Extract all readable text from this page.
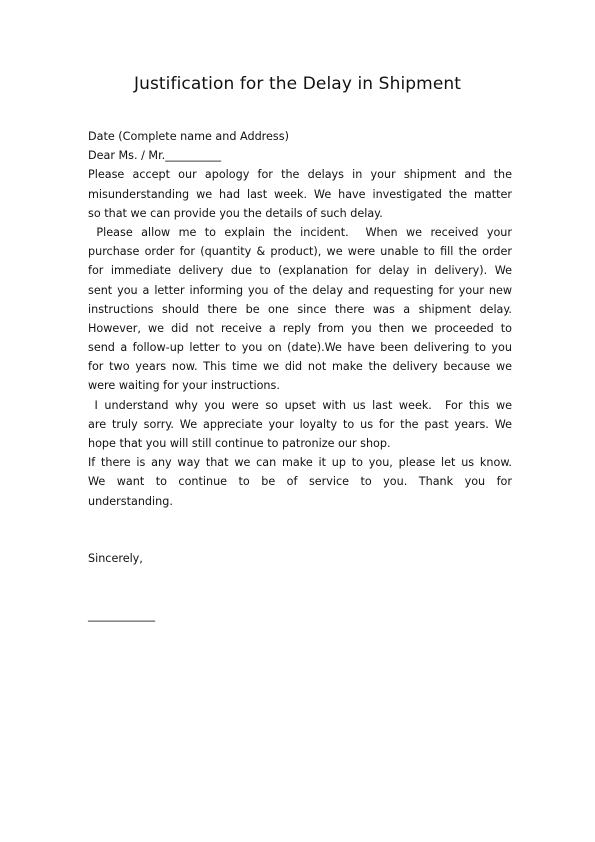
Justification for the Delay in Shipment
Date (Complete name and Address)
Dear Ms. / Mr.__________
Please accept our apology for the delays in your shipment and the
misunderstanding we had last week. We have investigated the matter
so that we can provide you the details of such delay.
Please allow me to explain the incident.  When we received your
purchase order for (quantity & product), we were unable to fill the order
for immediate delivery due to (explanation for delay in delivery). We
sent you a letter informing you of the delay and requesting for your new
instructions should there be one since there was a shipment delay.
However, we did not receive a reply from you then we proceeded to
send a follow-up letter to you on (date).We have been delivering to you
for two years now. This time we did not make the delivery because we
were waiting for your instructions.
I understand why you were so upset with us last week.  For this we
are truly sorry. We appreciate your loyalty to us for the past years. We
hope that you will still continue to patronize our shop.
If there is any way that we can make it up to you, please let us know.
We want to continue to be of service to you. Thank you for
understanding.
Sincerely,
____________
